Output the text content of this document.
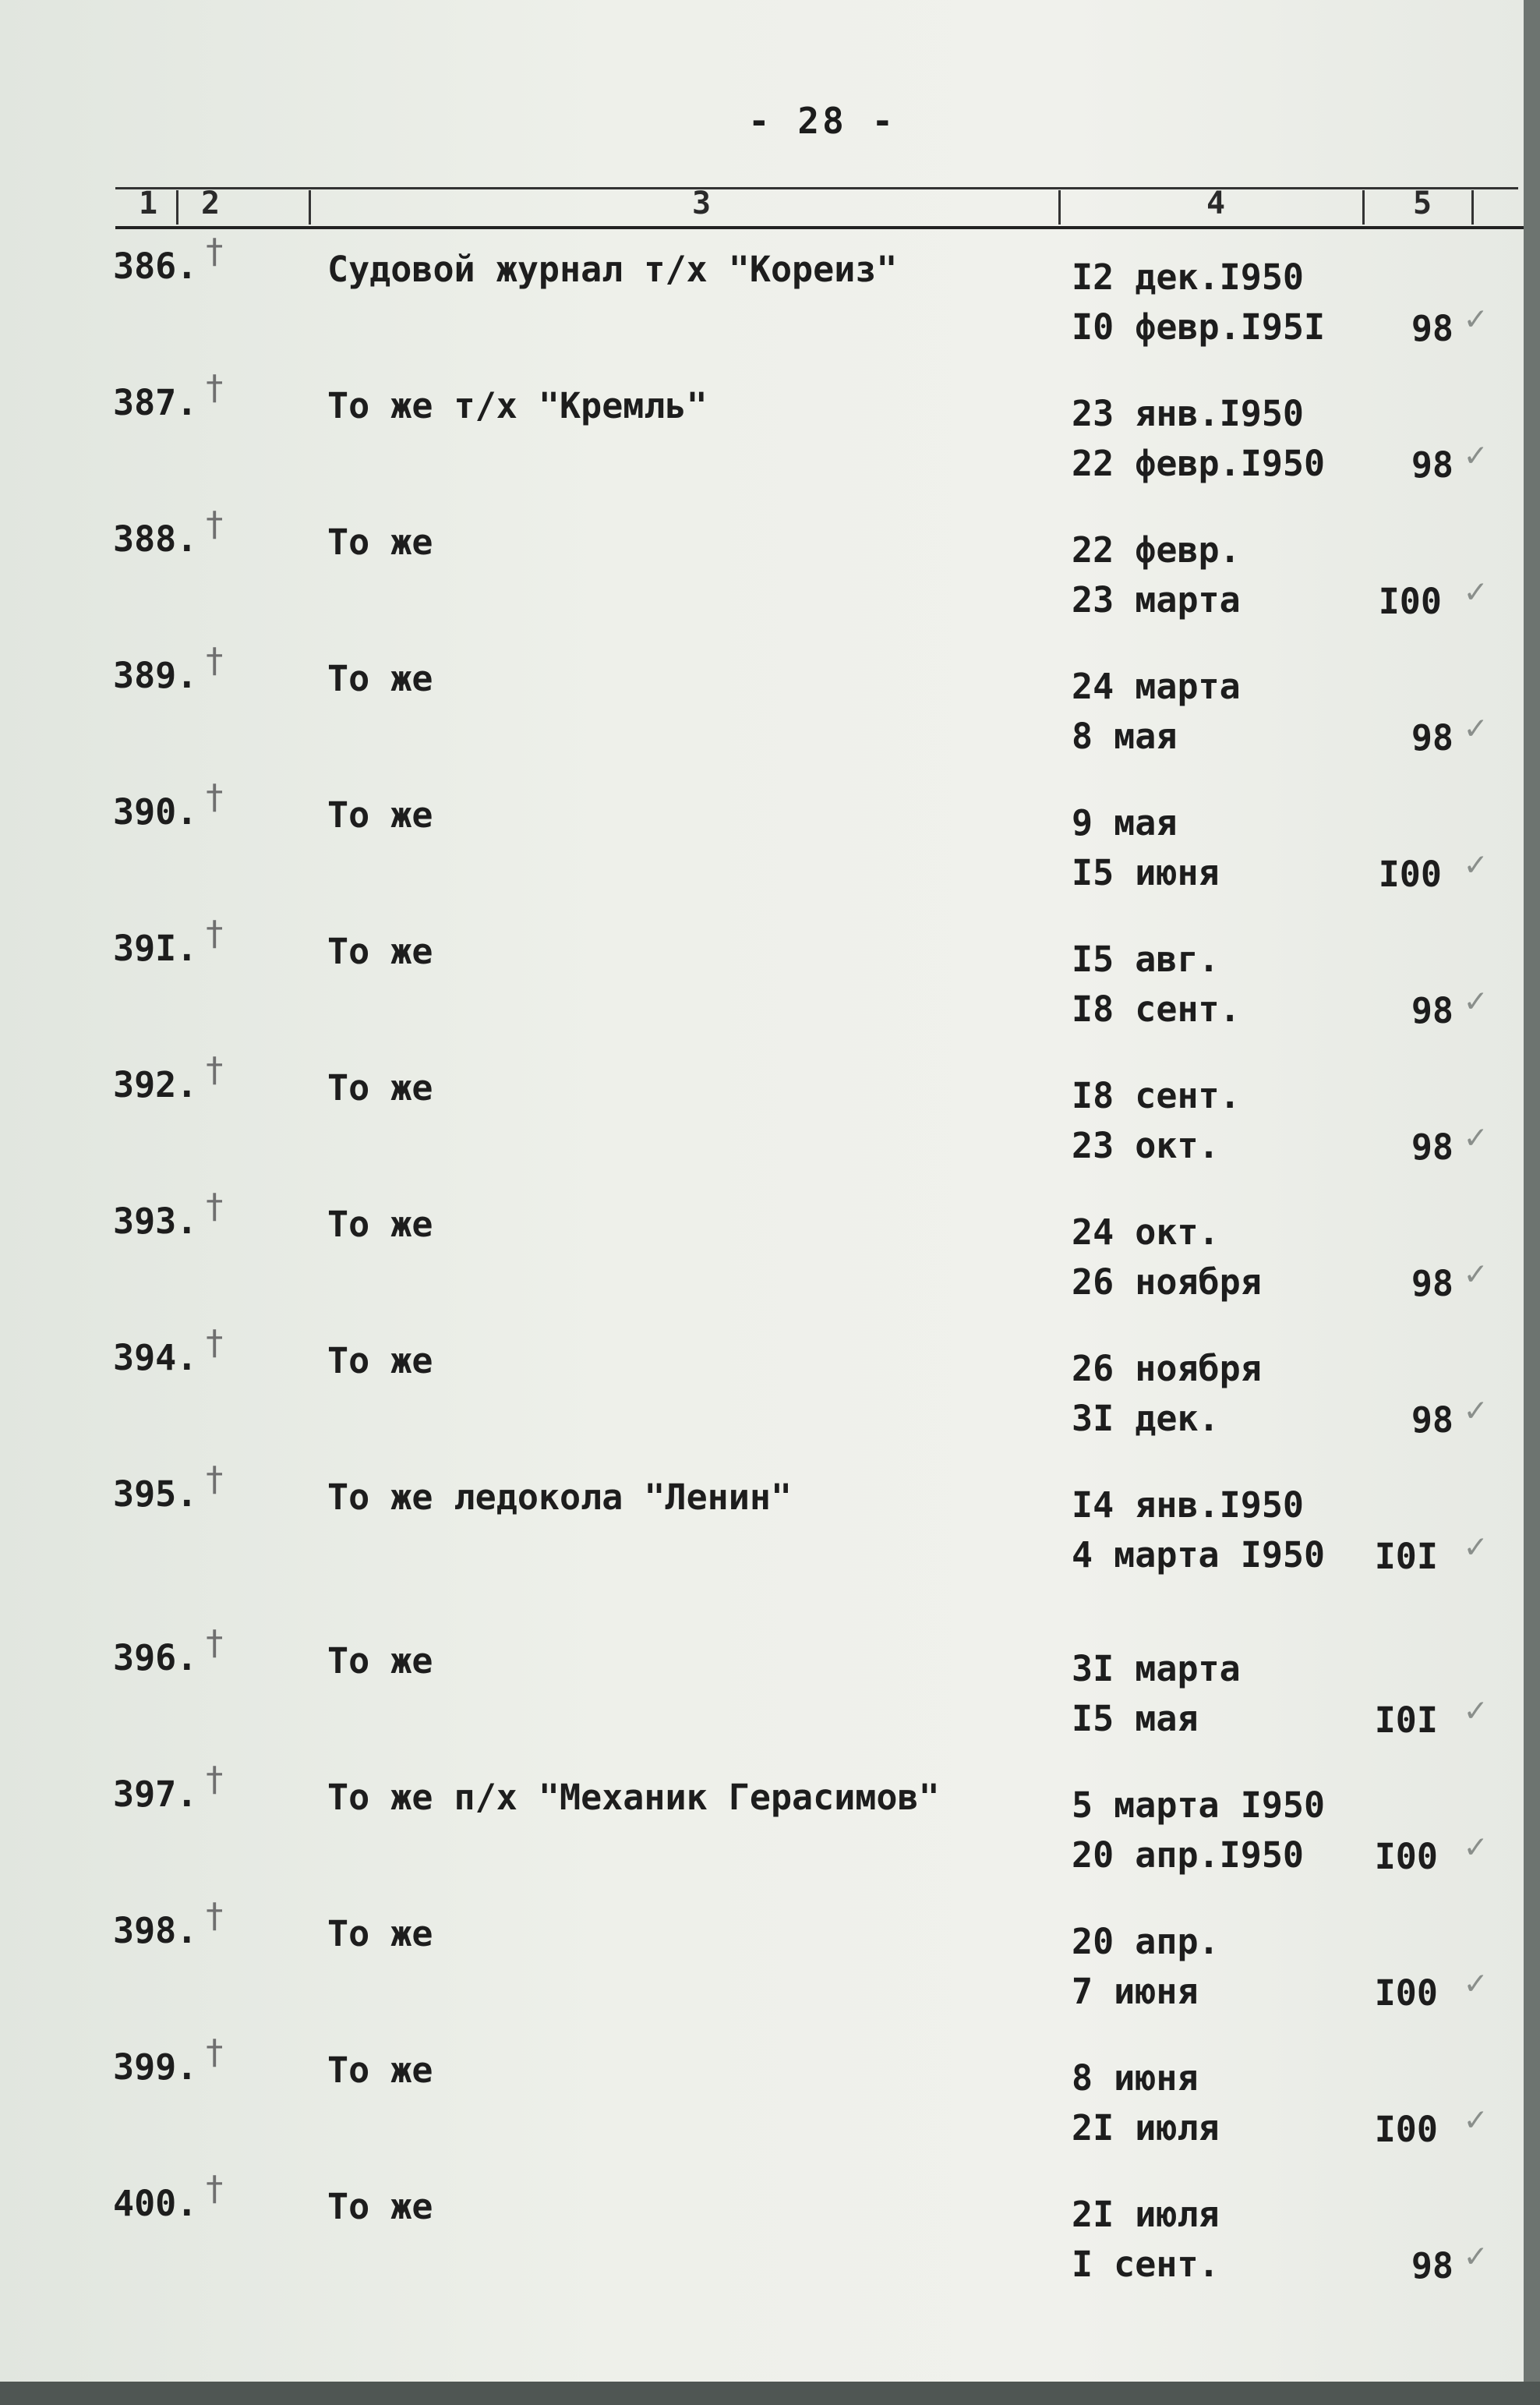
- 28 -
1 2	3	4	5
386. †	Судовой журнал т/х "Кореиз"	I2 дек.I950
I0 февр.I95I	98 ✓
387. †	То же т/х "Кремль"	23 янв.I950
22 февр.I950	98 ✓
388. †	То же	22 февр.
23 марта	I00 ✓
389. †	То же	24 марта
8 мая	98 ✓
390. †	То же	9 мая
I5 июня	I00 ✓
39I. †	То же	I5 авг.
I8 сент.	98 ✓
392. †	То же	I8 сент.
23 окт.	98 ✓
393. †	То же	24 окт.
26 ноября	98 ✓
394. †	То же	26 ноября
3I дек.	98 ✓
395. †	То же ледокола "Ленин"	I4 янв.I950
4 марта I950	I0I ✓
396. †	То же	3I марта
I5 мая	I0I ✓
397. †	То же п/х "Механик Герасимов"	5 марта I950
20 апр.I950	I00 ✓
398. †	То же	20 апр.
7 июня	I00 ✓
399. †	То же	8 июня
2I июля	I00 ✓
400. †	То же	2I июля
I сент.	98 ✓
